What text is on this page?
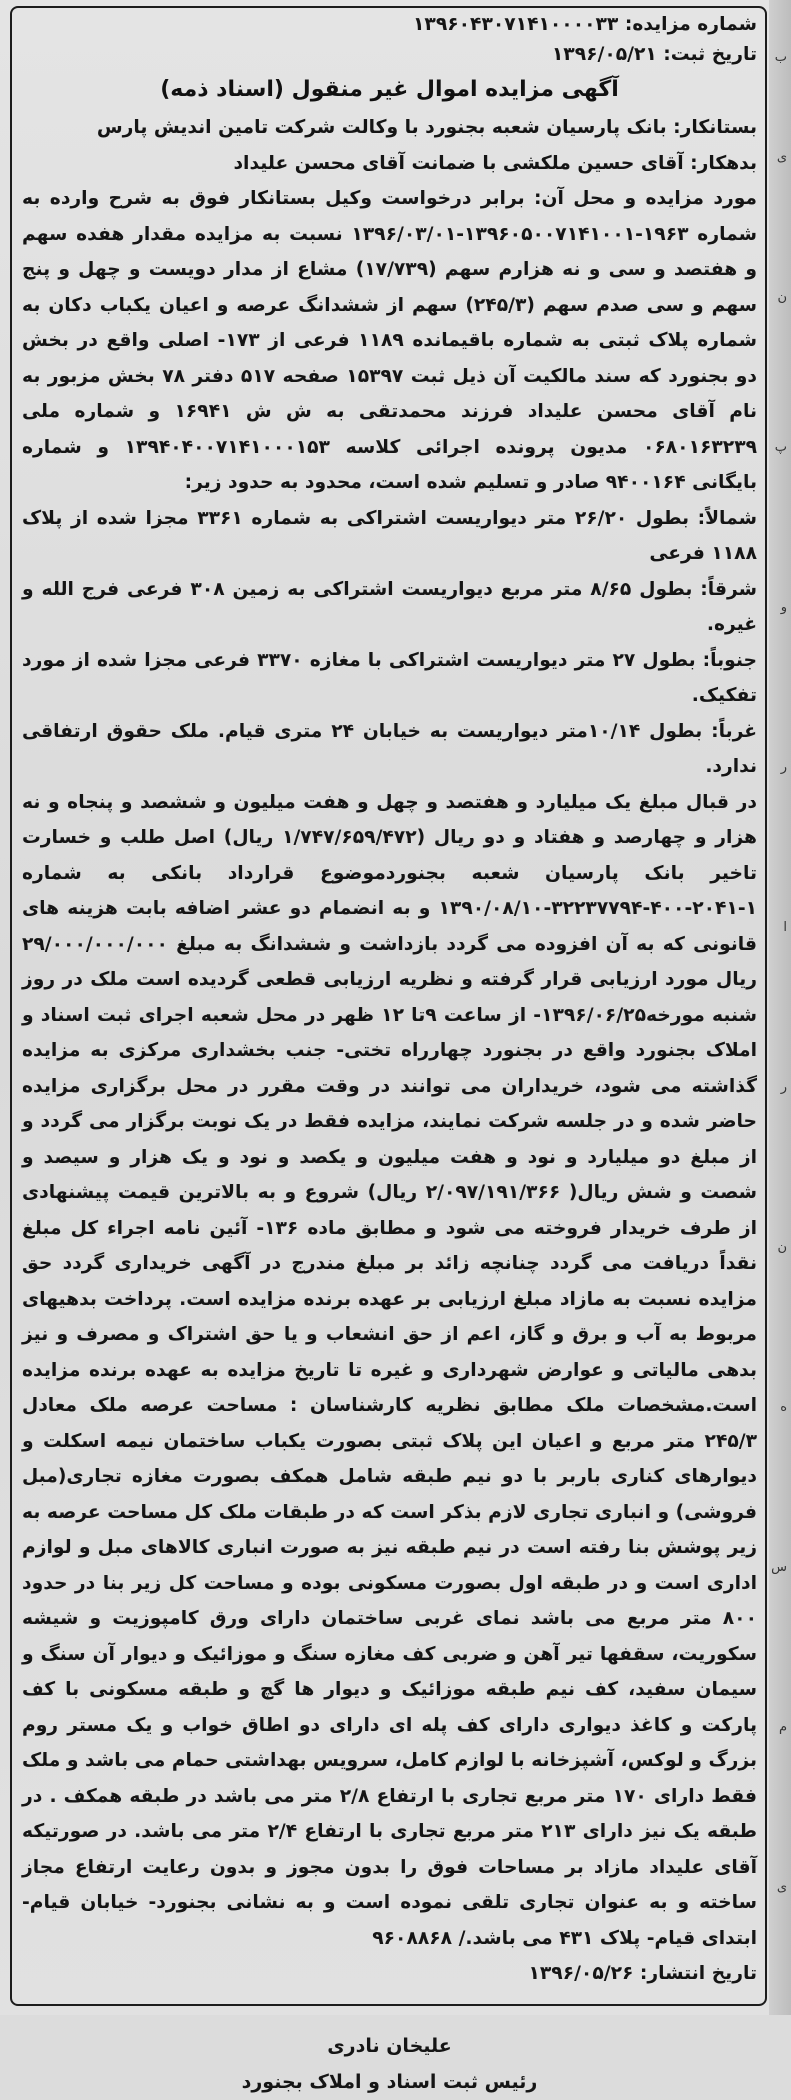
ب
ی
ن
پ
و
ر
ا
ر
ن
ه
س
م
ی
شماره مزایده: ۱۳۹۶۰۴۳۰۷۱۴۱۰۰۰۰۳۳
تاریخ ثبت: ۱۳۹۶/۰۵/۲۱
آگهی مزایده اموال غیر منقول (اسناد ذمه)

بستانکار: بانک پارسیان شعبه بجنورد با وکالت شرکت تامین اندیش پارس

بدهکار: آقای حسین ملکشی با ضمانت آقای محسن علیداد

مورد مزایده و محل آن: برابر درخواست وکیل بستانکار فوق به شرح وارده به شماره ۱۹۶۳-۱۳۹۶۰۵۰۰۷۱۴۱۰۰۱-۱۳۹۶/۰۳/۰۱ نسبت به مزایده مقدار هفده سهم و هفتصد و سی و نه هزارم سهم (۱۷/۷۳۹) مشاع از مدار دویست و چهل و پنج سهم و سی صدم سهم (۲۴۵/۳) سهم از ششدانگ عرصه و اعیان یکباب دکان به شماره پلاک ثبتی به شماره باقیمانده ۱۱۸۹ فرعی از ۱۷۳- اصلی واقع در بخش دو بجنورد که سند مالکیت آن ذیل ثبت ۱۵۳۹۷ صفحه ۵۱۷ دفتر ۷۸ بخش مزبور به نام آقای محسن علیداد فرزند محمدتقی به ش ش ۱۶۹۴۱ و شماره ملی ۰۶۸۰۱۶۳۲۳۹ مدیون پرونده اجرائی کلاسه ۱۳۹۴۰۴۰۰۷۱۴۱۰۰۰۱۵۳ و شماره بایگانی ۹۴۰۰۱۶۴ صادر و تسلیم شده است، محدود به حدود زیر:

شمالاً: بطول ۲۶/۲۰ متر دیواریست اشتراکی به شماره ۳۳۶۱ مجزا شده از پلاک ۱۱۸۸ فرعی

شرقاً: بطول ۸/۶۵ متر مربع دیواریست اشتراکی به زمین ۳۰۸ فرعی فرج الله و غیره.

جنوباً: بطول ۲۷ متر دیواریست اشتراکی با مغازه ۳۳۷۰ فرعی مجزا شده از مورد تفکیک.

غرباً: بطول ۱۰/۱۴متر دیواریست به خیابان ۲۴ متری قیام. ملک حقوق ارتفاقی ندارد.

در قبال مبلغ یک میلیارد و هفتصد و چهل و هفت میلیون و ششصد و پنجاه و نه هزار و چهارصد و هفتاد و دو ریال (۱/۷۴۷/۶۵۹/۴۷۲ ریال) اصل طلب و خسارت تاخیر بانک پارسیان شعبه بجنوردموضوع قرارداد بانکی به شماره ۱-۲۰۴۱-۴۰۰-۳۲۲۳۷۷۹۴-۱۳۹۰/۰۸/۱۰ و به انضمام دو عشر اضافه بابت هزینه های قانونی که به آن افزوده می گردد بازداشت و ششدانگ به مبلغ ۲۹/۰۰۰/۰۰۰/۰۰۰ ریال مورد ارزیابی قرار گرفته و نظریه ارزیابی قطعی گردیده است ملک در روز شنبه مورخه۱۳۹۶/۰۶/۲۵- از ساعت ۹تا ۱۲ ظهر در محل شعبه اجرای ثبت اسناد و املاک بجنورد واقع در بجنورد چهارراه تختی- جنب بخشداری مرکزی به مزایده گذاشته می شود، خریداران می توانند در وقت مقرر در محل برگزاری مزایده حاضر شده و در جلسه شرکت نمایند، مزایده فقط در یک نوبت برگزار می گردد و از مبلغ دو میلیارد و نود و هفت میلیون و یکصد و نود و یک هزار و سیصد و شصت و شش ریال( ۲/۰۹۷/۱۹۱/۳۶۶ ریال) شروع و به بالاترین قیمت پیشنهادی از طرف خریدار فروخته می شود و مطابق ماده ۱۳۶- آئین نامه اجراء کل مبلغ نقداً دریافت می گردد چنانچه زائد بر مبلغ مندرج در آگهی خریداری گردد حق مزایده نسبت به مازاد مبلغ ارزیابی بر عهده برنده مزایده است. پرداخت بدهیهای مربوط به آب و برق و گاز، اعم از حق انشعاب و یا حق اشتراک و مصرف و نیز بدهی مالیاتی و عوارض شهرداری و غیره تا تاریخ مزایده به عهده برنده مزایده است.مشخصات ملک مطابق نظریه کارشناسان : مساحت عرصه ملک معادل ۲۴۵/۳ متر مربع و اعیان این پلاک ثبتی بصورت یکباب ساختمان نیمه اسکلت و دیوارهای کناری باربر با دو نیم طبقه شامل همکف بصورت مغازه تجاری(مبل فروشی) و انباری تجاری لازم بذکر است که در طبقات ملک کل مساحت عرصه به زیر پوشش بنا رفته است در نیم طبقه نیز به صورت انباری کالاهای مبل و لوازم اداری است و در طبقه اول بصورت مسکونی بوده و مساحت کل زیر بنا در حدود ۸۰۰ متر مربع می باشد نمای غربی ساختمان دارای ورق کامپوزیت و شیشه سکوریت، سقفها تیر آهن و ضربی کف مغازه سنگ و موزائیک و دیوار آن سنگ و سیمان سفید، کف نیم طبقه موزائیک و دیوار ها گچ و طبقه مسکونی با کف پارکت و کاغذ دیواری دارای کف پله ای دارای دو اطاق خواب و یک مستر روم بزرگ و لوکس، آشپزخانه با لوازم کامل، سرویس بهداشتی حمام می باشد و ملک فقط دارای ۱۷۰ متر مربع تجاری با ارتفاع ۲/۸ متر می باشد در طبقه همکف . در طبقه یک نیز دارای ۲۱۳ متر مربع تجاری با ارتفاع ۲/۴ متر می باشد. در صورتیکه آقای علیداد مازاد بر مساحات فوق را بدون مجوز و بدون رعایت ارتفاع مجاز ساخته و به عنوان تجاری تلقی نموده است و به نشانی بجنورد- خیابان قیام- ابتدای قیام- پلاک ۴۳۱ می باشد./ ۹۶۰۸۸۶۸

تاریخ انتشار: ۱۳۹۶/۰۵/۲۶

علیخان نادری
رئیس ثبت اسناد و املاک بجنورد
